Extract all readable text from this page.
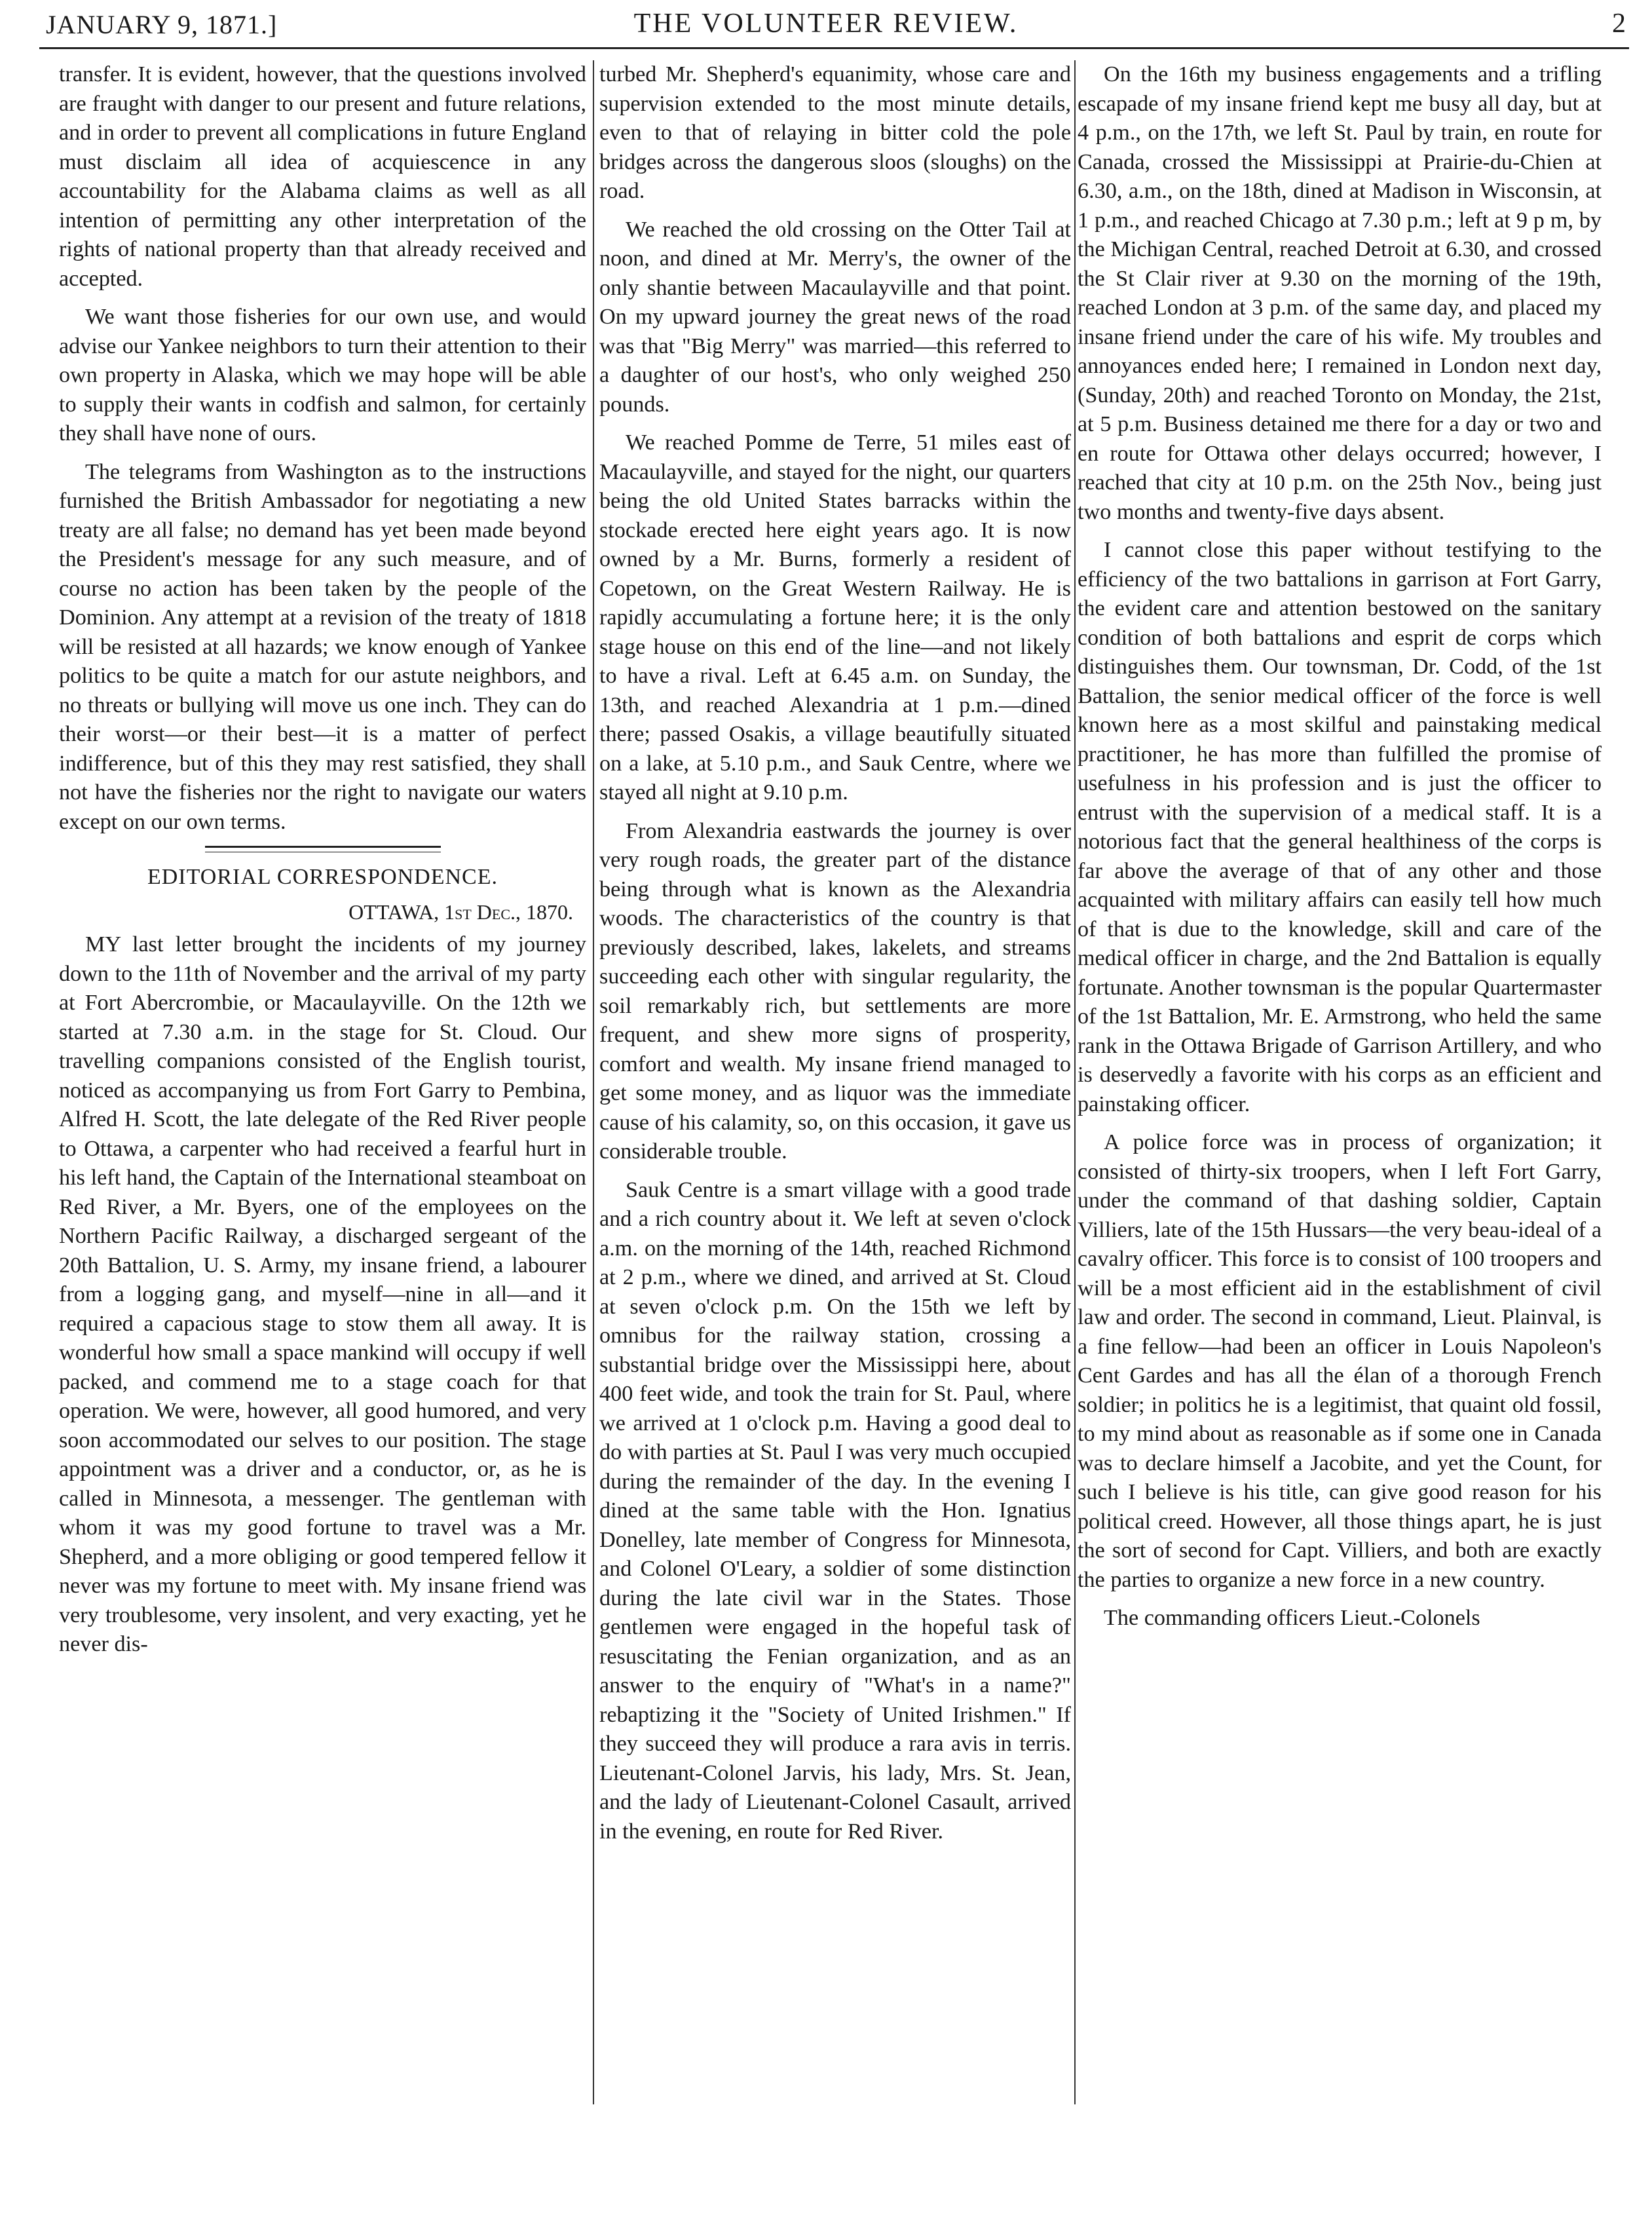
JANUARY 9, 1871.]	THE VOLUNTEER REVIEW.	2

transfer. It is evident, however, that the questions involved are fraught with danger to our present and future relations, and in order to prevent all complications in future England must disclaim all idea of acquiescence in any accountability for the Alabama claims as well as all intention of permitting any other interpretation of the rights of national property than that already received and accepted.

We want those fisheries for our own use, and would advise our Yankee neighbors to turn their attention to their own property in Alaska, which we may hope will be able to supply their wants in codfish and salmon, for certainly they shall have none of ours.

The telegrams from Washington as to the instructions furnished the British Ambassador for negotiating a new treaty are all false; no demand has yet been made beyond the President's message for any such measure, and of course no action has been taken by the people of the Dominion. Any attempt at a revision of the treaty of 1818 will be resisted at all hazards; we know enough of Yankee politics to be quite a match for our astute neighbors, and no threats or bullying will move us one inch. They can do their worst—or their best—it is a matter of perfect indifference, but of this they may rest satisfied, they shall not have the fisheries nor the right to navigate our waters except on our own terms.

EDITORIAL CORRESPONDENCE.
OTTAWA, 1st Dec., 1870.

MY last letter brought the incidents of my journey down to the 11th of November and the arrival of my party at Fort Abercrombie, or Macaulayville. On the 12th we started at 7.30 a.m. in the stage for St. Cloud. Our travelling companions consisted of the English tourist, noticed as accompanying us from Fort Garry to Pembina, Alfred H. Scott, the late delegate of the Red River people to Ottawa, a carpenter who had received a fearful hurt in his left hand, the Captain of the International steamboat on Red River, a Mr. Byers, one of the employees on the Northern Pacific Railway, a discharged sergeant of the 20th Battalion, U. S. Army, my insane friend, a labourer from a logging gang, and myself—nine in all—and it required a capacious stage to stow them all away. It is wonderful how small a space mankind will occupy if well packed, and commend me to a stage coach for that operation. We were, however, all good humored, and very soon accommodated our selves to our position. The stage appointment was a driver and a conductor, or, as he is called in Minnesota, a messenger. The gentleman with whom it was my good fortune to travel was a Mr. Shepherd, and a more obliging or good tempered fellow it never was my fortune to meet with. My insane friend was very troublesome, very insolent, and very exacting, yet he never dis-

turbed Mr. Shepherd's equanimity, whose care and supervision extended to the most minute details, even to that of relaying in bitter cold the pole bridges across the dangerous sloos (sloughs) on the road.

We reached the old crossing on the Otter Tail at noon, and dined at Mr. Merry's, the owner of the only shantie between Macaulayville and that point. On my upward journey the great news of the road was that "Big Merry" was married—this referred to a daughter of our host's, who only weighed 250 pounds.

We reached Pomme de Terre, 51 miles east of Macaulayville, and stayed for the night, our quarters being the old United States barracks within the stockade erected here eight years ago. It is now owned by a Mr. Burns, formerly a resident of Copetown, on the Great Western Railway. He is rapidly accumulating a fortune here; it is the only stage house on this end of the line—and not likely to have a rival. Left at 6.45 a.m. on Sunday, the 13th, and reached Alexandria at 1 p.m.—dined there; passed Osakis, a village beautifully situated on a lake, at 5.10 p.m., and Sauk Centre, where we stayed all night at 9.10 p.m.

From Alexandria eastwards the journey is over very rough roads, the greater part of the distance being through what is known as the Alexandria woods. The characteristics of the country is that previously described, lakes, lakelets, and streams succeeding each other with singular regularity, the soil remarkably rich, but settlements are more frequent, and shew more signs of prosperity, comfort and wealth. My insane friend managed to get some money, and as liquor was the immediate cause of his calamity, so, on this occasion, it gave us considerable trouble.

Sauk Centre is a smart village with a good trade and a rich country about it. We left at seven o'clock a.m. on the morning of the 14th, reached Richmond at 2 p.m., where we dined, and arrived at St. Cloud at seven o'clock p.m. On the 15th we left by omnibus for the railway station, crossing a substantial bridge over the Mississippi here, about 400 feet wide, and took the train for St. Paul, where we arrived at 1 o'clock p.m. Having a good deal to do with parties at St. Paul I was very much occupied during the remainder of the day. In the evening I dined at the same table with the Hon. Ignatius Donelley, late member of Congress for Minnesota, and Colonel O'Leary, a soldier of some distinction during the late civil war in the States. Those gentlemen were engaged in the hopeful task of resuscitating the Fenian organization, and as an answer to the enquiry of "What's in a name?" rebaptizing it the "Society of United Irishmen." If they succeed they will produce a rara avis in terris. Lieutenant-Colonel Jarvis, his lady, Mrs. St. Jean, and the lady of Lieutenant-Colonel Casault, arrived in the evening, en route for Red River.

On the 16th my business engagements and a trifling escapade of my insane friend kept me busy all day, but at 4 p.m., on the 17th, we left St. Paul by train, en route for Canada, crossed the Mississippi at Prairie-du-Chien at 6.30, a.m., on the 18th, dined at Madison in Wisconsin, at 1 p.m., and reached Chicago at 7.30 p.m.; left at 9 p m, by the Michigan Central, reached Detroit at 6.30, and crossed the St Clair river at 9.30 on the morning of the 19th, reached London at 3 p.m. of the same day, and placed my insane friend under the care of his wife. My troubles and annoyances ended here; I remained in London next day, (Sunday, 20th) and reached Toronto on Monday, the 21st, at 5 p.m. Business detained me there for a day or two and en route for Ottawa other delays occurred; however, I reached that city at 10 p.m. on the 25th Nov., being just two months and twenty-five days absent.

I cannot close this paper without testifying to the efficiency of the two battalions in garrison at Fort Garry, the evident care and attention bestowed on the sanitary condition of both battalions and esprit de corps which distinguishes them. Our townsman, Dr. Codd, of the 1st Battalion, the senior medical officer of the force is well known here as a most skilful and painstaking medical practitioner, he has more than fulfilled the promise of usefulness in his profession and is just the officer to entrust with the supervision of a medical staff. It is a notorious fact that the general healthiness of the corps is far above the average of that of any other and those acquainted with military affairs can easily tell how much of that is due to the knowledge, skill and care of the medical officer in charge, and the 2nd Battalion is equally fortunate. Another townsman is the popular Quartermaster of the 1st Battalion, Mr. E. Armstrong, who held the same rank in the Ottawa Brigade of Garrison Artillery, and who is deservedly a favorite with his corps as an efficient and painstaking officer.

A police force was in process of organization; it consisted of thirty-six troopers, when I left Fort Garry, under the command of that dashing soldier, Captain Villiers, late of the 15th Hussars—the very beau-ideal of a cavalry officer. This force is to consist of 100 troopers and will be a most efficient aid in the establishment of civil law and order. The second in command, Lieut. Plainval, is a fine fellow—had been an officer in Louis Napoleon's Cent Gardes and has all the élan of a thorough French soldier; in politics he is a legitimist, that quaint old fossil, to my mind about as reasonable as if some one in Canada was to declare himself a Jacobite, and yet the Count, for such I believe is his title, can give good reason for his political creed. However, all those things apart, he is just the sort of second for Capt. Villiers, and both are exactly the parties to organize a new force in a new country.

The commanding officers Lieut.-Colonels
